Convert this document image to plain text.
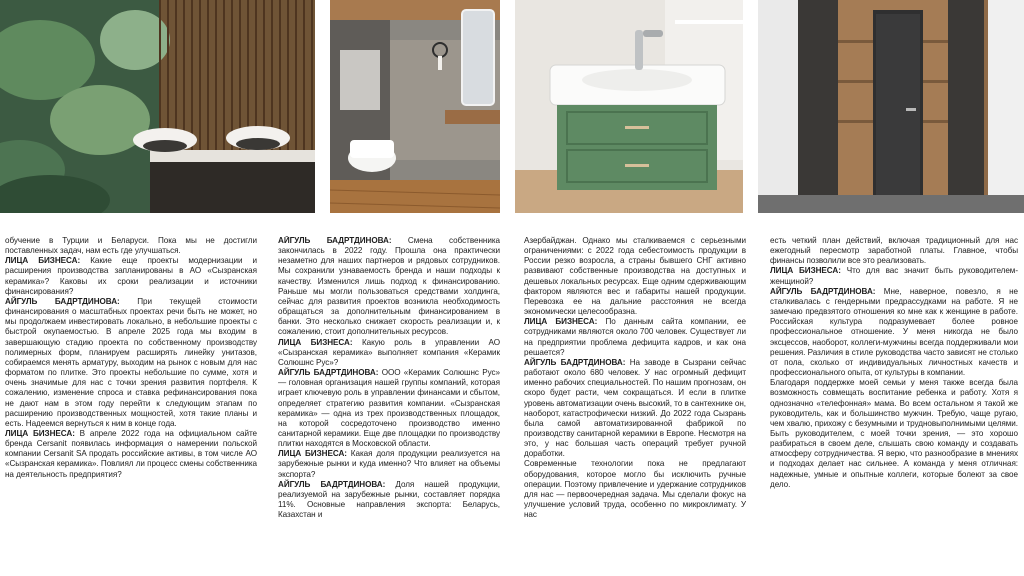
обучение в Турции и Беларуси. Пока мы не достигли поставленных задач, нам есть где улучшаться.

ЛИЦА БИЗНЕСА: Какие еще проекты модернизации и расширения производства запланированы в АО «Сызранская керамика»? Каковы их сроки реализации и источники финансирования?

АЙГУЛЬ БАДРТДИНОВА: При текущей стоимости финансирования о масштабных проектах речи быть не может, но мы продолжаем инвестировать локально, в небольшие проекты с быстрой окупаемостью. В апреле 2025 года мы входим в завершающую стадию проекта по собственному производству полимерных форм, планируем расширять линейку унитазов, собираемся менять арматуру, выходим на рынок с новым для нас форматом по плитке. Это проекты небольшие по сумме, хотя и очень значимые для нас с точки зрения развития портфеля. К сожалению, изменение спроса и ставка рефинансирования пока не дают нам в этом году перейти к следующим этапам по расширению производственных мощностей, хотя такие планы и есть. Надеемся вернуться к ним в конце года.

ЛИЦА БИЗНЕСА: В апреле 2022 года на официальном сайте бренда Cersanit появилась информация о намерении польской компании Cersanit SA продать российские активы, в том числе АО «Сызранская керамика». Повлиял ли процесс смены собственника на деятельность предприятия?

АЙГУЛЬ БАДРТДИНОВА: Смена собственника закончилась в 2022 году. Прошла она практически незаметно для наших партнеров и рядовых сотрудников. Мы сохранили узнаваемость бренда и наши подходы к качеству. Изменился лишь подход к финансированию. Раньше мы могли пользоваться средствами холдинга, сейчас для развития проектов возникла необходимость обращаться за дополнительным финансированием в банки. Это несколько снижает скорость реализации и, к сожалению, стоит дополнительных ресурсов.

ЛИЦА БИЗНЕСА: Какую роль в управлении АО «Сызранская керамика» выполняет компания «Керамик Солюшнс Рус»?

АЙГУЛЬ БАДРТДИНОВА: ООО «Керамик Солюшнс Рус» — головная организация нашей группы компаний, которая играет ключевую роль в управлении финансами и сбытом, определяет стратегию развития компании. «Сызранская керамика» — одна из трех производственных площадок, на которой сосредоточено производство именно санитарной керамики. Еще две площадки по производству плитки находятся в Московской области.

ЛИЦА БИЗНЕСА: Какая доля продукции реализуется на зарубежные рынки и куда именно? Что влияет на объемы экспорта?

АЙГУЛЬ БАДРТДИНОВА: Доля нашей продукции, реализуемой на зарубежные рынки, составляет порядка 11%. Основные направления экспорта: Беларусь, Казахстан и

Азербайджан. Однако мы сталкиваемся с серьезными ограничениями: с 2022 года себестоимость продукции в России резко возросла, а страны бывшего СНГ активно развивают собственные производства на доступных и дешевых локальных ресурсах. Еще одним сдерживающим фактором являются вес и габариты нашей продукции. Перевозка ее на дальние расстояния не всегда экономически целесообразна.

ЛИЦА БИЗНЕСА: По данным сайта компании, ее сотрудниками являются около 700 человек. Существует ли на предприятии проблема дефицита кадров, и как она решается?

АЙГУЛЬ БАДРТДИНОВА: На заводе в Сызрани сейчас работают около 680 человек. У нас огромный дефицит именно рабочих специальностей. По нашим прогнозам, он скоро будет расти, чем сокращаться. И если в плитке уровень автоматизации очень высокий, то в сантехнике он, наоборот, катастрофически низкий. До 2022 года Сызрань была самой автоматизированной фабрикой по производству санитарной керамики в Европе. Несмотря на это, у нас большая часть операций требует ручной доработки.

Современные технологии пока не предлагают оборудования, которое могло бы исключить ручные операции. Поэтому привлечение и удержание сотрудников для нас — первоочередная задача. Мы сделали фокус на улучшение условий труда, особенно по микроклимату. У нас

есть четкий план действий, включая традиционный для нас ежегодный пересмотр заработной платы. Главное, чтобы финансы позволили все это реализовать.

ЛИЦА БИЗНЕСА: Что для вас значит быть руководителем-женщиной?

АЙГУЛЬ БАДРТДИНОВА: Мне, наверное, повезло, я не сталкивалась с гендерными предрассудками на работе. Я не замечаю предвзятого отношения ко мне как к женщине в работе. Российская культура подразумевает более ровное профессиональное отношение. У меня никогда не было эксцессов, наоборот, коллеги-мужчины всегда поддерживали мои решения. Различия в стиле руководства часто зависят не столько от пола, сколько от индивидуальных личностных качеств и профессионального опыта, от культуры в компании.

Благодаря поддержке моей семьи у меня также всегда была возможность совмещать воспитание ребенка и работу. Хотя я однозначно «телефонная» мама. Во всем остальном я такой же руководитель, как и большинство мужчин. Требую, чаще ругаю, чем хвалю, прихожу с безумными и трудновыполнимыми целями. Быть руководителем, с моей точки зрения, — это хорошо разбираться в своем деле, слышать свою команду и создавать атмосферу сотрудничества. Я верю, что разнообразие в мнениях и подходах делает нас сильнее. А команда у меня отличная: надежные, умные и опытные коллеги, которые болеют за свое дело.
